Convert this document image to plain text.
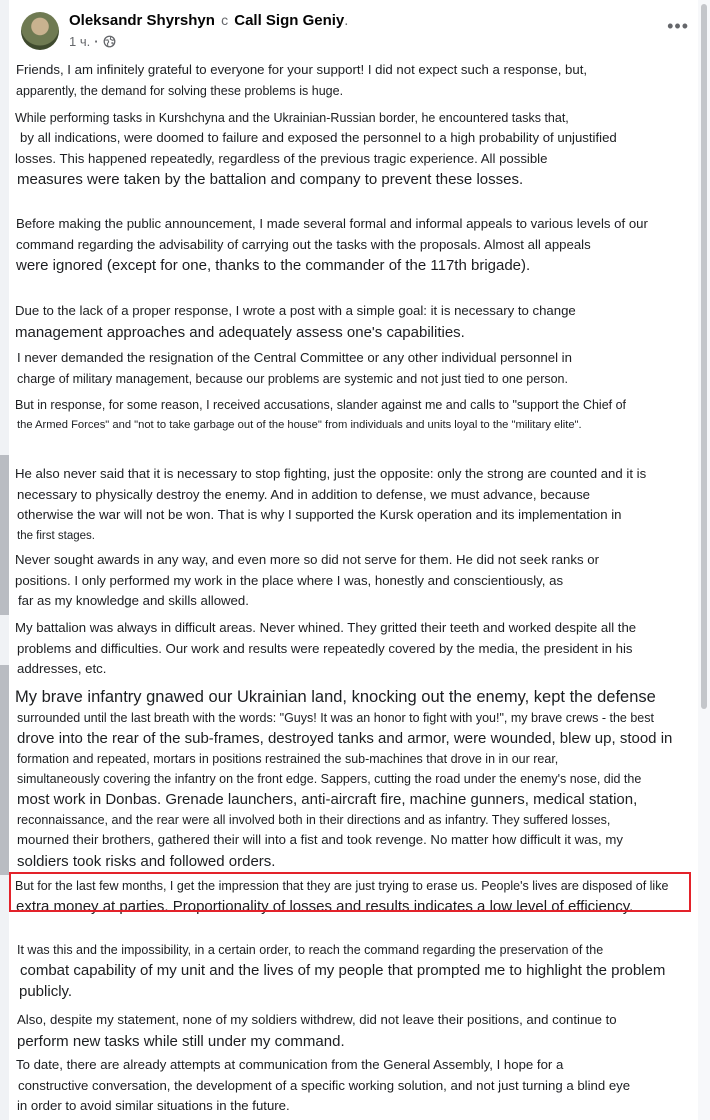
Oleksandr Shyrshyn с Call Sign Geniy.
1 ч. ·
•••
Friends, I am infinitely grateful to everyone for your support! I did not expect such a response, but,
apparently, the demand for solving these problems is huge.
While performing tasks in Kurshchyna and the Ukrainian-Russian border, he encountered tasks that,
by all indications, were doomed to failure and exposed the personnel to a high probability of unjustified
losses. This happened repeatedly, regardless of the previous tragic experience. All possible
measures were taken by the battalion and company to prevent these losses.
Before making the public announcement, I made several formal and informal appeals to various levels of our
command regarding the advisability of carrying out the tasks with the proposals. Almost all appeals
were ignored (except for one, thanks to the commander of the 117th brigade).
Due to the lack of a proper response, I wrote a post with a simple goal: it is necessary to change
management approaches and adequately assess one's capabilities.
I never demanded the resignation of the Central Committee or any other individual personnel in
charge of military management, because our problems are systemic and not just tied to one person.
But in response, for some reason, I received accusations, slander against me and calls to "support the Chief of
the Armed Forces" and "not to take garbage out of the house" from individuals and units loyal to the "military elite".
He also never said that it is necessary to stop fighting, just the opposite: only the strong are counted and it is
necessary to physically destroy the enemy. And in addition to defense, we must advance, because
otherwise the war will not be won. That is why I supported the Kursk operation and its implementation in
the first stages.
Never sought awards in any way, and even more so did not serve for them. He did not seek ranks or
positions. I only performed my work in the place where I was, honestly and conscientiously, as
far as my knowledge and skills allowed.
My battalion was always in difficult areas. Never whined. They gritted their teeth and worked despite all the
problems and difficulties. Our work and results were repeatedly covered by the media, the president in his
addresses, etc.
My brave infantry gnawed our Ukrainian land, knocking out the enemy, kept the defense
surrounded until the last breath with the words: "Guys! It was an honor to fight with you!", my brave crews - the best
drove into the rear of the sub-frames, destroyed tanks and armor, were wounded, blew up, stood in
formation and repeated, mortars in positions restrained the sub-machines that drove in in our rear,
simultaneously covering the infantry on the front edge. Sappers, cutting the road under the enemy's nose, did the
most work in Donbas. Grenade launchers, anti-aircraft fire, machine gunners, medical station,
reconnaissance, and the rear were all involved both in their directions and as infantry. They suffered losses,
mourned their brothers, gathered their will into a fist and took revenge. No matter how difficult it was, my
soldiers took risks and followed orders.
But for the last few months, I get the impression that they are just trying to erase us. People's lives are disposed of like
extra money at parties. Proportionality of losses and results indicates a low level of efficiency.
It was this and the impossibility, in a certain order, to reach the command regarding the preservation of the
combat capability of my unit and the lives of my people that prompted me to highlight the problem
publicly.
Also, despite my statement, none of my soldiers withdrew, did not leave their positions, and continue to
perform new tasks while still under my command.
To date, there are already attempts at communication from the General Assembly, I hope for a
constructive conversation, the development of a specific working solution, and not just turning a blind eye
in order to avoid similar situations in the future.
